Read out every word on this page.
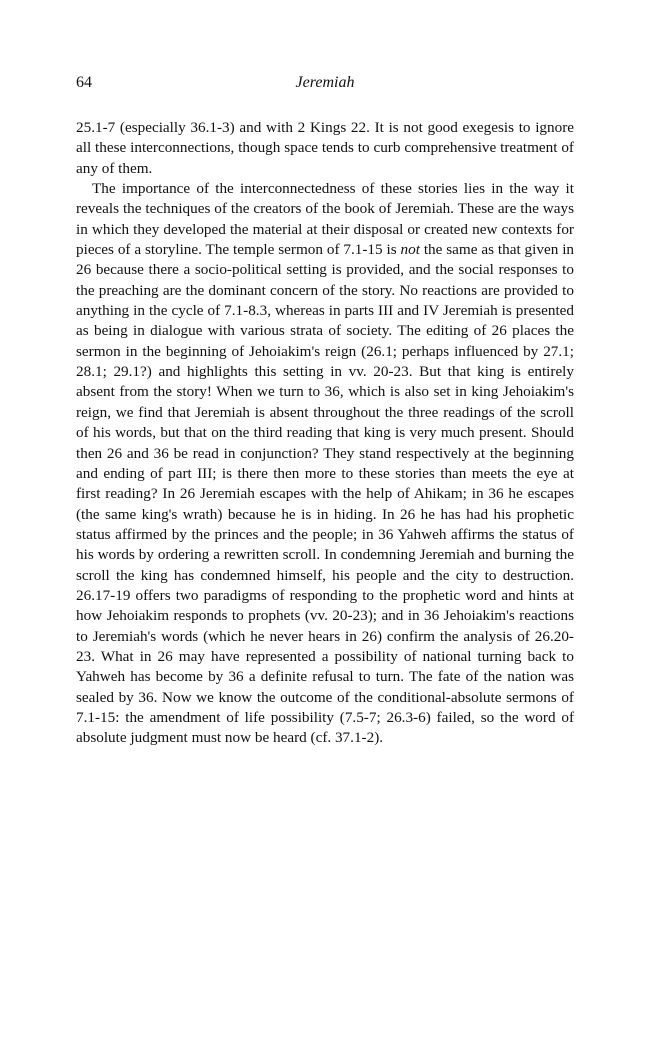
64	Jeremiah

25.1-7 (especially 36.1-3) and with 2 Kings 22. It is not good exegesis to ignore all these interconnections, though space tends to curb comprehensive treatment of any of them.

The importance of the interconnectedness of these stories lies in the way it reveals the techniques of the creators of the book of Jeremiah. These are the ways in which they developed the material at their disposal or created new contexts for pieces of a storyline. The temple sermon of 7.1-15 is not the same as that given in 26 because there a socio-political setting is provided, and the social responses to the preaching are the dominant concern of the story. No reactions are provided to anything in the cycle of 7.1-8.3, whereas in parts III and IV Jeremiah is presented as being in dialogue with various strata of society. The editing of 26 places the sermon in the beginning of Jehoiakim's reign (26.1; perhaps influenced by 27.1; 28.1; 29.1?) and highlights this setting in vv. 20-23. But that king is entirely absent from the story! When we turn to 36, which is also set in king Jehoiakim's reign, we find that Jeremiah is absent throughout the three readings of the scroll of his words, but that on the third reading that king is very much present. Should then 26 and 36 be read in conjunction? They stand respectively at the beginning and ending of part III; is there then more to these stories than meets the eye at first reading? In 26 Jeremiah escapes with the help of Ahikam; in 36 he escapes (the same king's wrath) because he is in hiding. In 26 he has had his prophetic status affirmed by the princes and the people; in 36 Yahweh affirms the status of his words by ordering a rewritten scroll. In condemning Jeremiah and burning the scroll the king has condemned himself, his people and the city to destruction. 26.17-19 offers two paradigms of responding to the prophetic word and hints at how Jehoiakim responds to prophets (vv. 20-23); and in 36 Jehoiakim's reactions to Jeremiah's words (which he never hears in 26) confirm the analysis of 26.20-23. What in 26 may have represented a possibility of national turning back to Yahweh has become by 36 a definite refusal to turn. The fate of the nation was sealed by 36. Now we know the outcome of the conditional-absolute sermons of 7.1-15: the amendment of life possibility (7.5-7; 26.3-6) failed, so the word of absolute judgment must now be heard (cf. 37.1-2).
